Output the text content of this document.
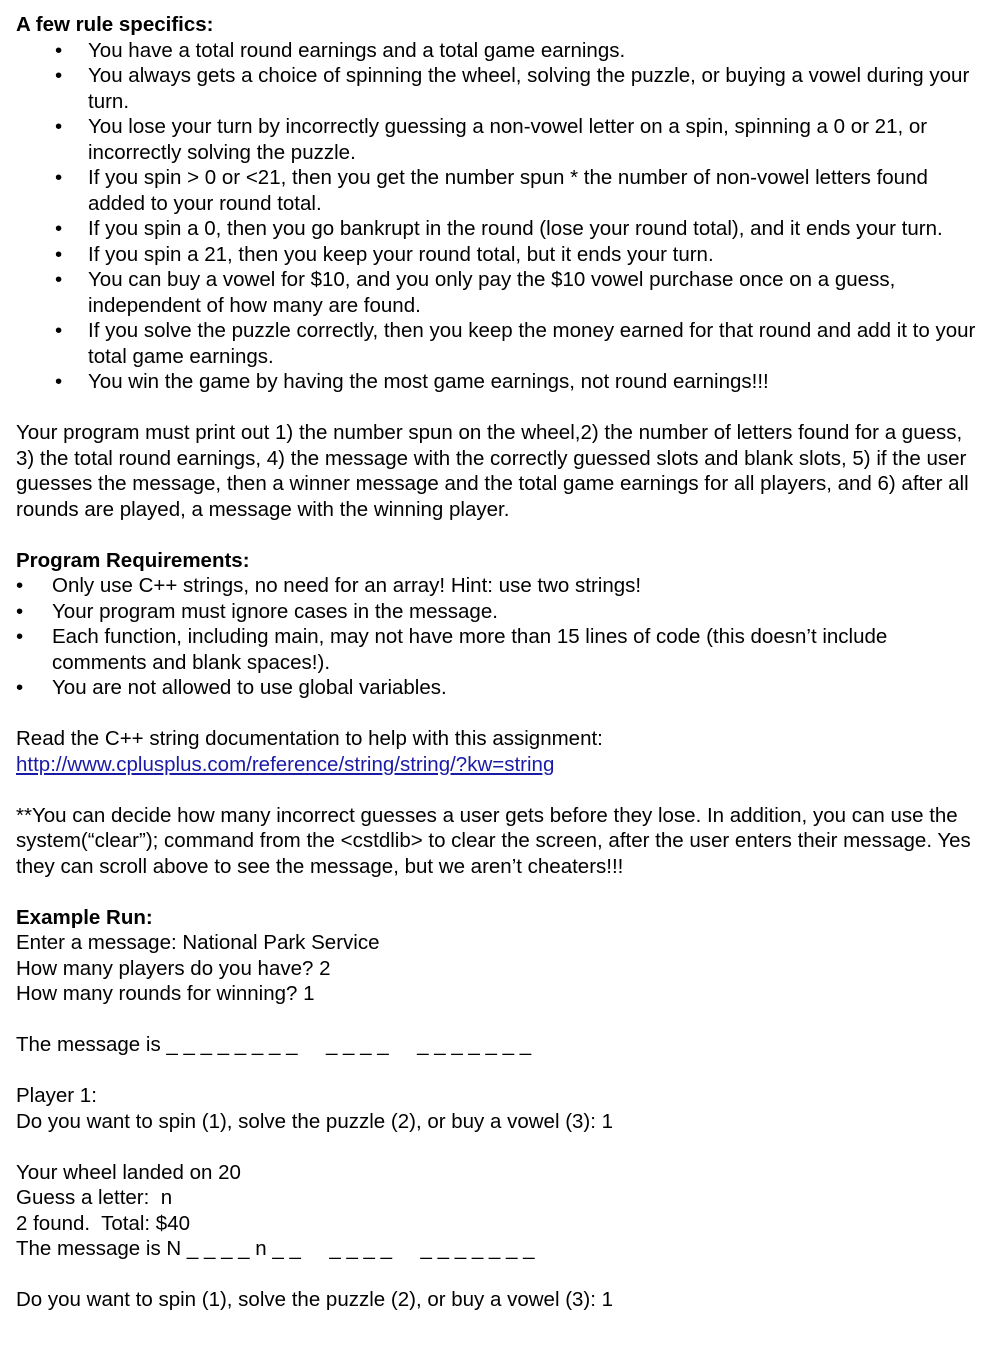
A few rule specifics:

• You have a total round earnings and a total game earnings.
• You always gets a choice of spinning the wheel, solving the puzzle, or buying a vowel during your turn.
• You lose your turn by incorrectly guessing a non-vowel letter on a spin, spinning a 0 or 21, or incorrectly solving the puzzle.
• If you spin > 0 or <21, then you get the number spun * the number of non-vowel letters found added to your round total.
• If you spin a 0, then you go bankrupt in the round (lose your round total), and it ends your turn.
• If you spin a 21, then you keep your round total, but it ends your turn.
• You can buy a vowel for $10, and you only pay the $10 vowel purchase once on a guess, independent of how many are found.
• If you solve the puzzle correctly, then you keep the money earned for that round and add it to your total game earnings.
• You win the game by having the most game earnings, not round earnings!!!

Your program must print out 1) the number spun on the wheel,2) the number of letters found for a guess, 3) the total round earnings, 4) the message with the correctly guessed slots and blank slots, 5) if the user guesses the message, then a winner message and the total game earnings for all players, and 6) after all rounds are played, a message with the winning player.

Program Requirements:

• Only use C++ strings, no need for an array! Hint: use two strings!
• Your program must ignore cases in the message.
• Each function, including main, may not have more than 15 lines of code (this doesn’t include comments and blank spaces!).
• You are not allowed to use global variables.

Read the C++ string documentation to help with this assignment:

http://www.cplusplus.com/reference/string/string/?kw=string

**You can decide how many incorrect guesses a user gets before they lose. In addition, you can use the system(“clear”); command from the <cstdlib> to clear the screen, after the user enters their message. Yes they can scroll above to see the message, but we aren’t cheaters!!!

Example Run:

Enter a message: National Park Service

How many players do you have? 2

How many rounds for winning? 1

The message is _ _ _ _ _ _ _ _     _ _ _ _     _ _ _ _ _ _ _

Player 1:

Do you want to spin (1), solve the puzzle (2), or buy a vowel (3): 1

Your wheel landed on 20

Guess a letter:  n

2 found.  Total: $40

The message is N _ _ _ _ n _ _     _ _ _ _     _ _ _ _ _ _ _

Do you want to spin (1), solve the puzzle (2), or buy a vowel (3): 1
